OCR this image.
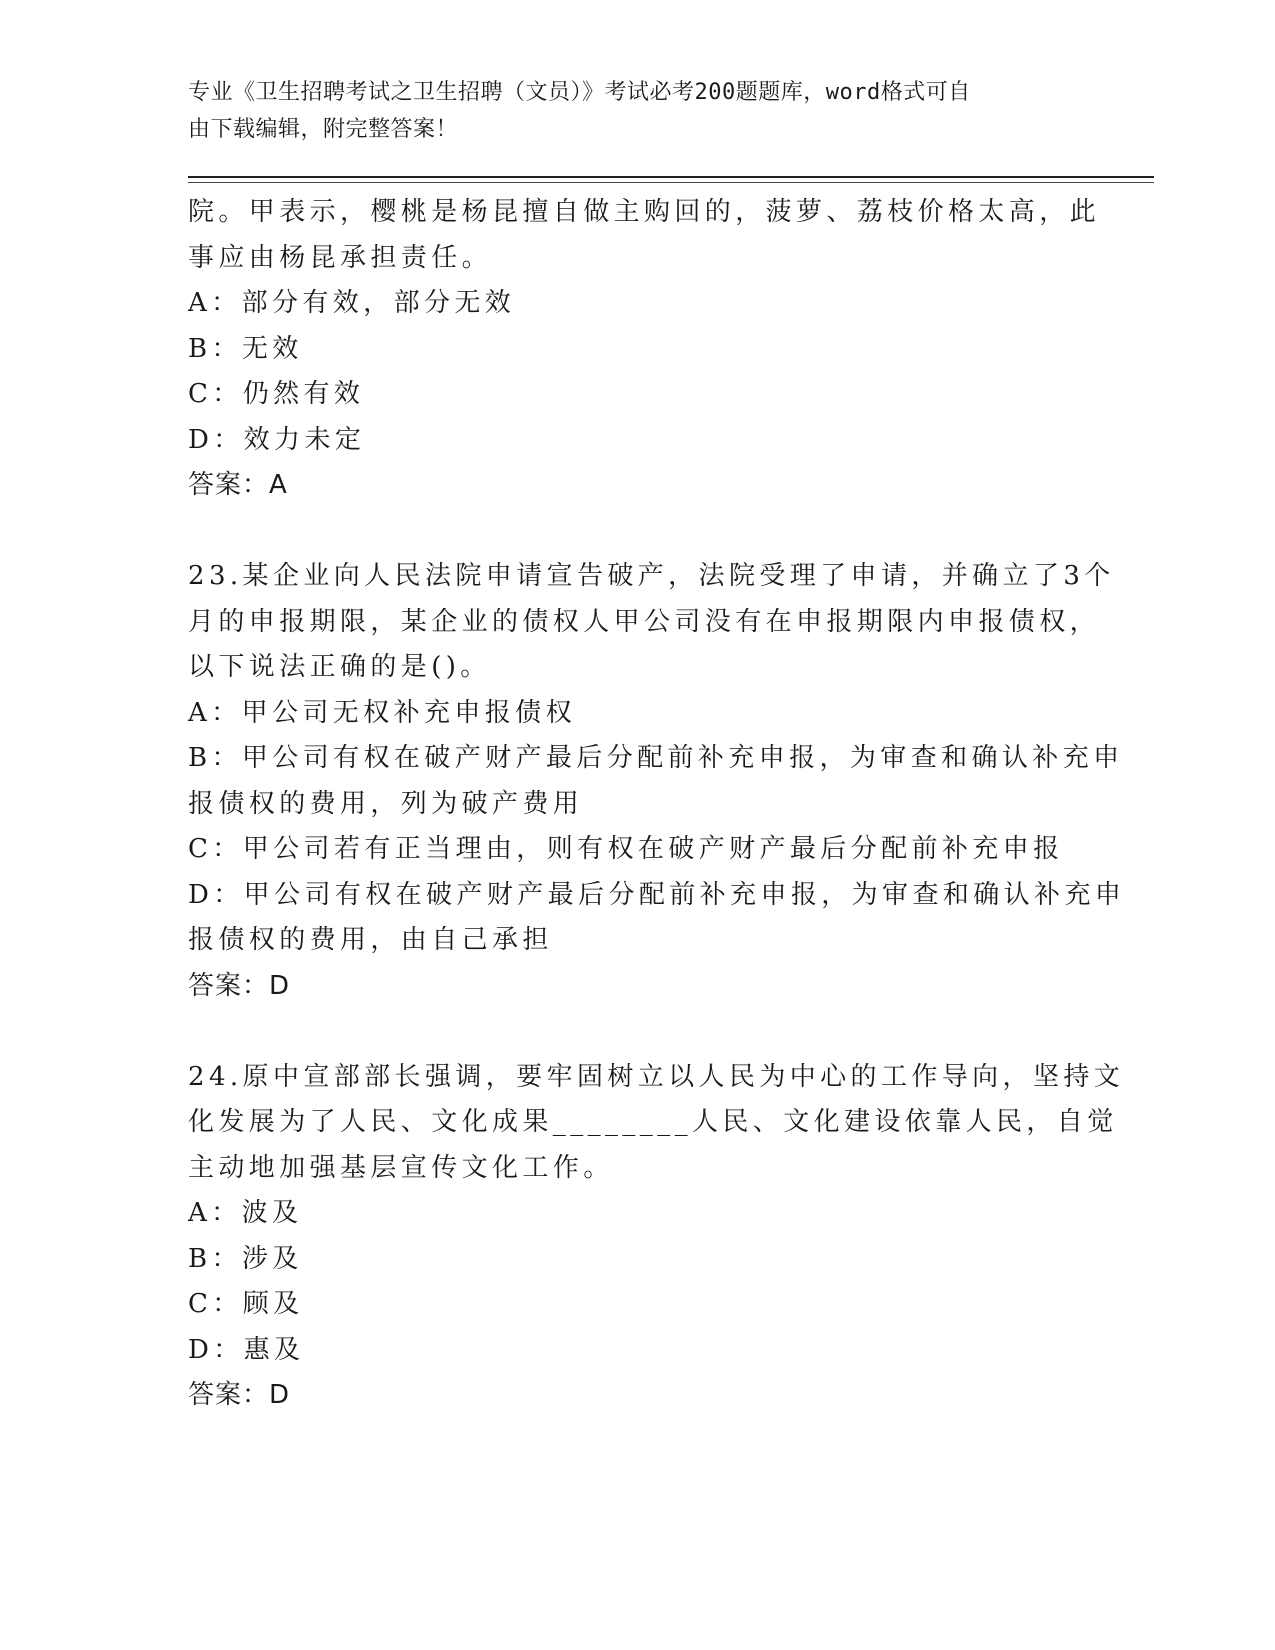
专业《卫生招聘考试之卫生招聘（文员）》考试必考200题题库，word格式可自
由下载编辑，附完整答案！
院。甲表示，樱桃是杨昆擅自做主购回的，菠萝、荔枝价格太高，此
事应由杨昆承担责任。
A：部分有效，部分无效
B：无效
C：仍然有效
D：效力未定
答案：A
23.某企业向人民法院申请宣告破产，法院受理了申请，并确立了3个
月的申报期限，某企业的债权人甲公司没有在申报期限内申报债权，
以下说法正确的是()。
A：甲公司无权补充申报债权
B：甲公司有权在破产财产最后分配前补充申报，为审查和确认补充申
报债权的费用，列为破产费用
C：甲公司若有正当理由，则有权在破产财产最后分配前补充申报
D：甲公司有权在破产财产最后分配前补充申报，为审查和确认补充申
报债权的费用，由自己承担
答案：D
24.原中宣部部长强调，要牢固树立以人民为中心的工作导向，坚持文
化发展为了人民、文化成果________人民、文化建设依靠人民，自觉
主动地加强基层宣传文化工作。
A：波及
B：涉及
C：顾及
D：惠及
答案：D
